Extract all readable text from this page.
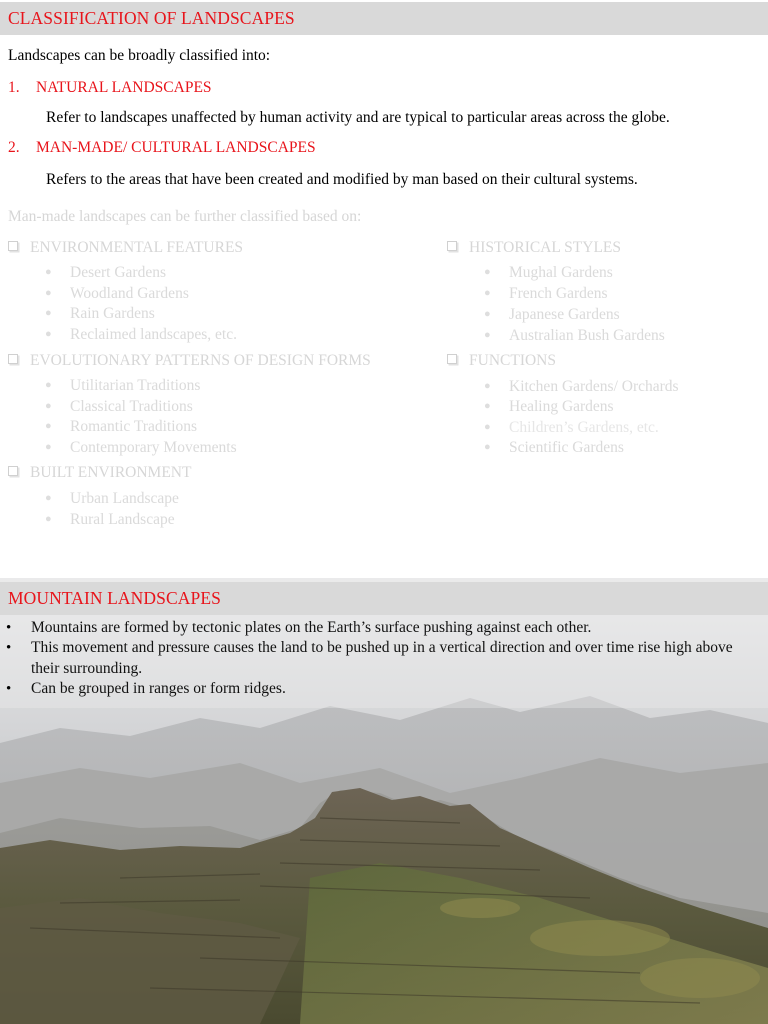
CLASSIFICATION OF LANDSCAPES
Landscapes can be broadly classified into:
1. NATURAL LANDSCAPES
Refer to landscapes unaffected by human activity and are typical to particular areas across the globe.
2. MAN-MADE/ CULTURAL LANDSCAPES
Refers to the areas that have been created and modified by man based on their cultural systems.
Man-made landscapes can be further classified based on:
ENVIRONMENTAL FEATURES
● Desert Gardens
● Woodland Gardens
● Rain Gardens
● Reclaimed landscapes, etc.
EVOLUTIONARY PATTERNS OF DESIGN FORMS
● Utilitarian Traditions
● Classical Traditions
● Romantic Traditions
● Contemporary Movements
BUILT ENVIRONMENT
● Urban Landscape
● Rural Landscape
HISTORICAL STYLES
● Mughal Gardens
● French Gardens
● Japanese Gardens
● Australian Bush Gardens
FUNCTIONS
● Kitchen Gardens/ Orchards
● Healing Gardens
● Children’s Gardens, etc.
● Scientific Gardens
MOUNTAIN LANDSCAPES
• Mountains are formed by tectonic plates on the Earth’s surface pushing against each other.
• This movement and pressure causes the land to be pushed up in a vertical direction and over time rise high above their surrounding.
• Can be grouped in ranges or form ridges.
